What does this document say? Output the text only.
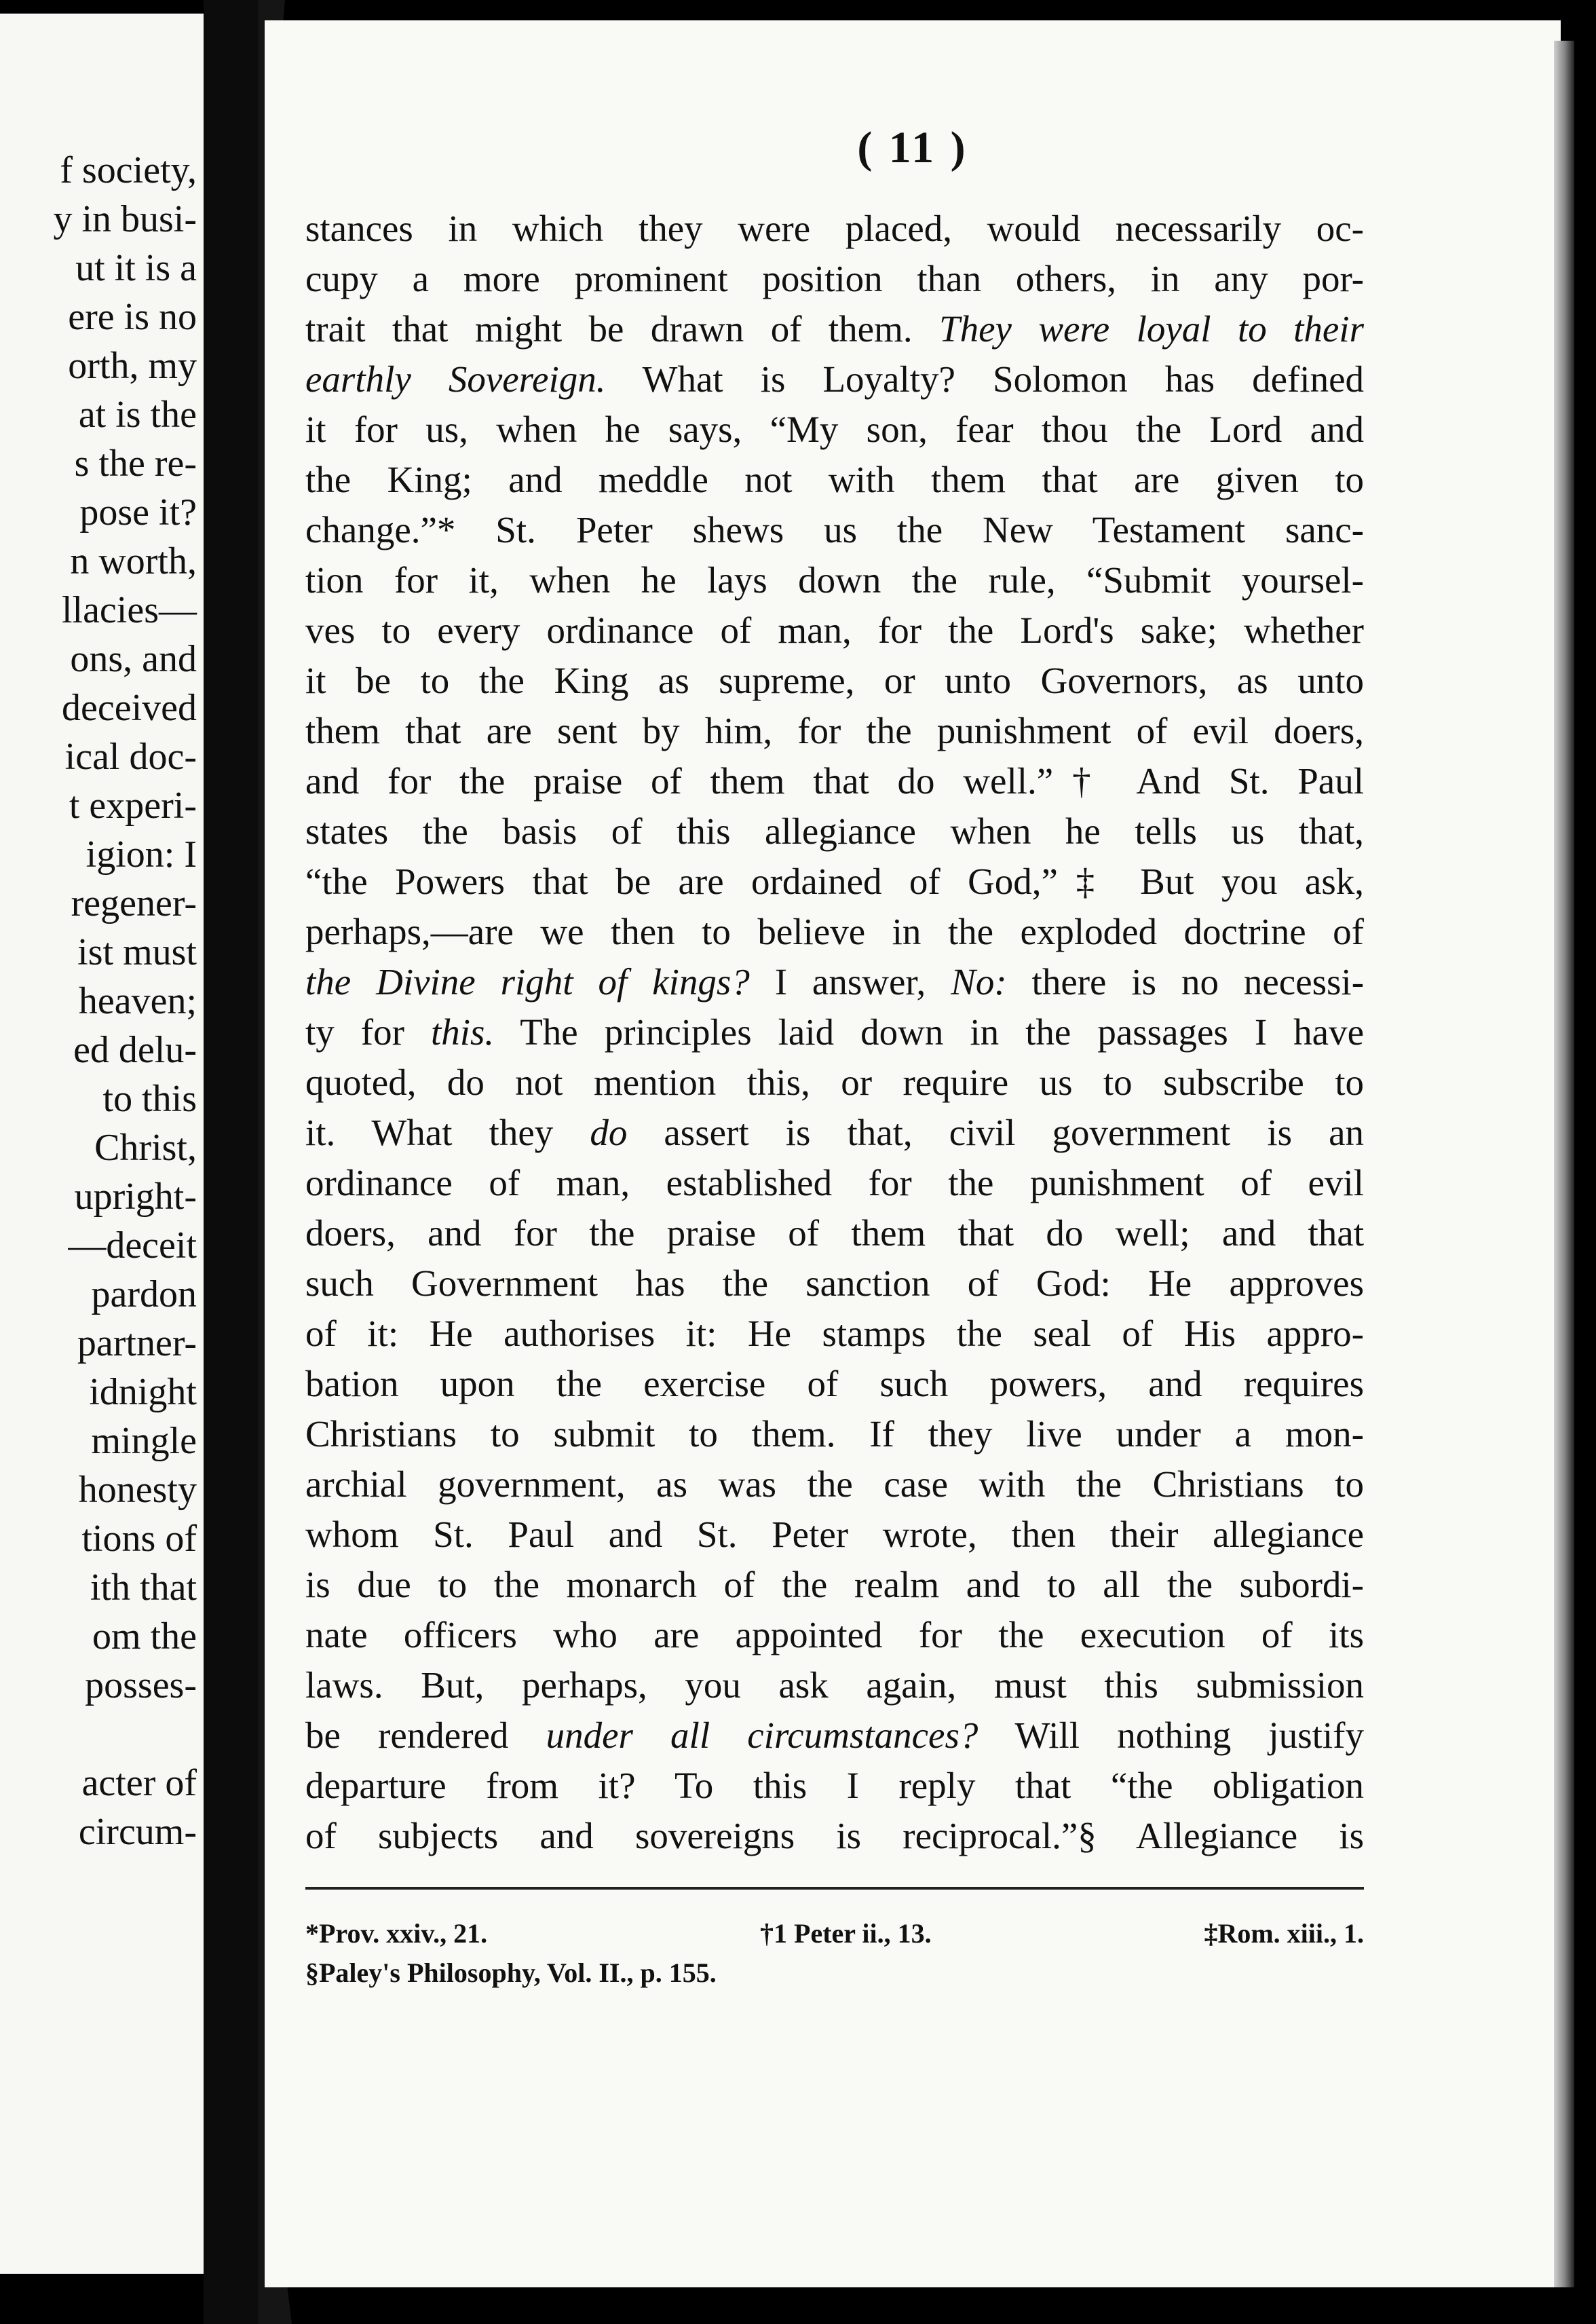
f society,
y in busi-
ut it is a
ere is no
orth, my
at is the
s the re-
pose it?
n worth,
llacies—
ons, and
deceived
ical doc-
t experi-
igion: I
regener-
ist must
heaven;
ed delu-
to this
Christ,
upright-
—deceit
pardon
partner-
idnight
mingle
honesty
tions of
ith that
om the
posses-
acter of
circum-
( 11 )
stances in which they were placed, would necessarily oc-
cupy a more prominent position than others, in any por-
trait that might be drawn of them. They were loyal to their
earthly Sovereign. What is Loyalty? Solomon has defined
it for us, when he says, “My son, fear thou the Lord and
the King; and meddle not with them that are given to
change.”* St. Peter shews us the New Testament sanc-
tion for it, when he lays down the rule, “Submit yoursel-
ves to every ordinance of man, for the Lord's sake; whether
it be to the King as supreme, or unto Governors, as unto
them that are sent by him, for the punishment of evil doers,
and for the praise of them that do well.”† And St. Paul
states the basis of this allegiance when he tells us that,
“the Powers that be are ordained of God,”‡ But you ask,
perhaps,—are we then to believe in the exploded doctrine of
the Divine right of kings? I answer, No: there is no necessi-
ty for this. The principles laid down in the passages I have
quoted, do not mention this, or require us to subscribe to
it. What they do assert is that, civil government is an
ordinance of man, established for the punishment of evil
doers, and for the praise of them that do well; and that
such Government has the sanction of God: He approves
of it: He authorises it: He stamps the seal of His appro-
bation upon the exercise of such powers, and requires
Christians to submit to them. If they live under a mon-
archial government, as was the case with the Christians to
whom St. Paul and St. Peter wrote, then their allegiance
is due to the monarch of the realm and to all the subordi-
nate officers who are appointed for the execution of its
laws. But, perhaps, you ask again, must this submission
be rendered under all circumstances? Will nothing justify
departure from it? To this I reply that “the obligation
of subjects and sovereigns is reciprocal.”§ Allegiance is
*Prov. xxiv., 21.	†1 Peter ii., 13.	‡Rom. xiii., 1.
§Paley's Philosophy, Vol. II., p. 155.
